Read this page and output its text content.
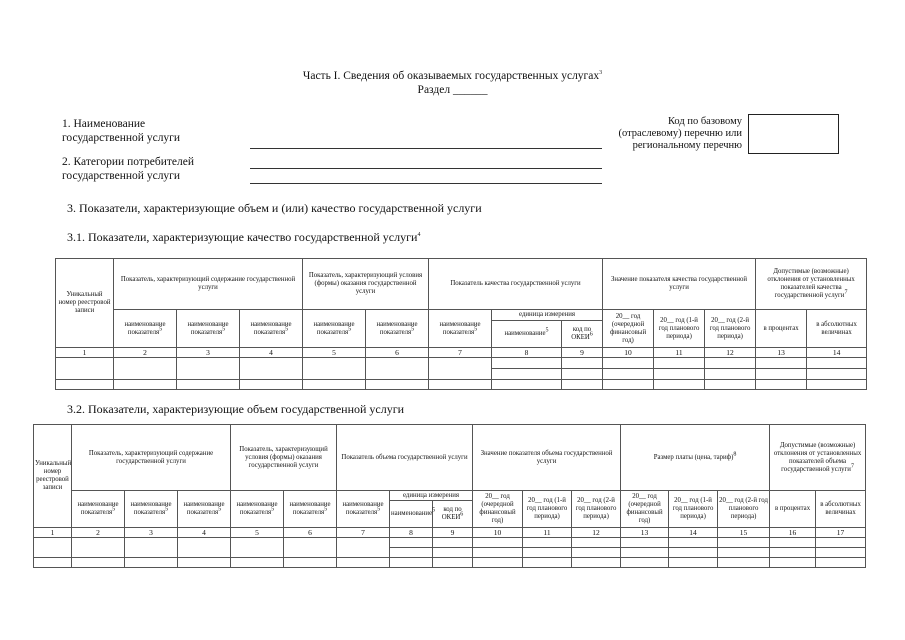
Часть I. Сведения об оказываемых государственных услугах$^3$
Раздел ______
1. Наименование
государственной услуги
2. Категории потребителей
государственной услуги
Код по базовому
(отраслевому) перечню или
региональному перечню
3. Показатели, характеризующие объем и (или) качество государственной услуги
3.1. Показатели, характеризующие качество государственной услуги$^4$
Уникальный номер реестровой записи	Показатель, характеризующий содержание государственной услуги			Показатель, характеризующий условия (формы) оказания государственной услуги		Показатель качества государственной услуги			Значение показателя качества государственной услуги			Допустимые (возможные) отклонения от установленных показателей качества государственной услуги$^7$
	наименование показателя$^5$	наименование показателя$^5$	наименование показателя$^5$	наименование показателя$^5$	наименование показателя$^5$	наименование показателя$^5$	единица измерения		20__ год (очередной финансовый год)	20__ год (1-й год планового периода)	20__ год (2-й год планового периода)	в процентах	в абсолютных величинах
							наименование$^5$	код по ОКЕИ$^6$
1	2	3	4	5	6	7	8	9	10	11	12	13	14

3.2. Показатели, характеризующие объем государственной услуги
Уникальный номер реестровой записи	Показатель, характеризующий содержание государственной услуги			Показатель, характеризующий условия (формы) оказания государственной услуги		Показатель объема государственной услуги			Значение показателя объема государственной услуги			Размер платы (цена, тариф)$^8$			Допустимые (возможные) отклонения от установленных показателей объема государственной услуги$^7$
	наименование показателя$^5$	наименование показателя$^5$	наименование показателя$^5$	наименование показателя$^5$	наименование показателя$^5$	наименование показателя$^5$	единица измерения		20__ год (очередной финансовый год)	20__ год (1-й год планового периода)	20__ год (2-й год планового периода)	20__ год (очередной финансовый год)	20__ год (1-й год планового периода)	20__ год (2-й год планового периода)	в процентах	в абсолютных величинах
							наименование$^5$	код по ОКЕИ$^6$
1	2	3	4	5	6	7	8	9	10	11	12	13	14	15	16	17
